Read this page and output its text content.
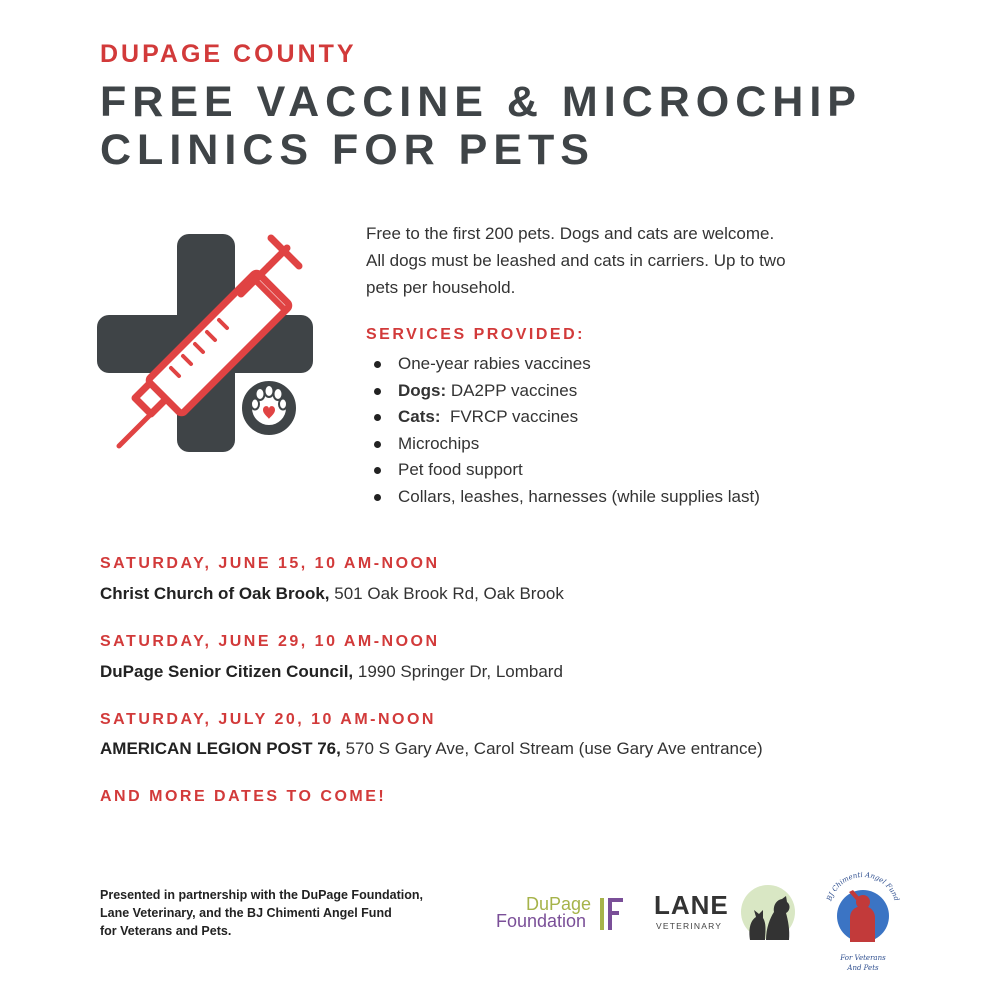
DUPAGE COUNTY
FREE VACCINE & MICROCHIP
CLINICS FOR PETS
Free to the first 200 pets. Dogs and cats are welcome.
All dogs must be leashed and cats in carriers. Up to two
pets per household.
SERVICES PROVIDED:
One-year rabies vaccines
Dogs: DA2PP vaccines
Cats:  FVRCP vaccines
Microchips
Pet food support
Collars, leashes, harnesses (while supplies last)
SATURDAY, JUNE 15, 10 AM-NOON
Christ Church of Oak Brook, 501 Oak Brook Rd, Oak Brook
SATURDAY, JUNE 29, 10 AM-NOON
DuPage Senior Citizen Council, 1990 Springer Dr, Lombard
SATURDAY, JULY 20, 10 AM-NOON
AMERICAN LEGION POST 76, 570 S Gary Ave, Carol Stream (use Gary Ave entrance)
AND MORE DATES TO COME!
Presented in partnership with the DuPage Foundation,
Lane Veterinary, and the BJ Chimenti Angel Fund
for Veterans and Pets.
DuPage
Foundation
LANE
VETERINARY
BJ Chimenti Angel Fund
For Veterans
And Pets
